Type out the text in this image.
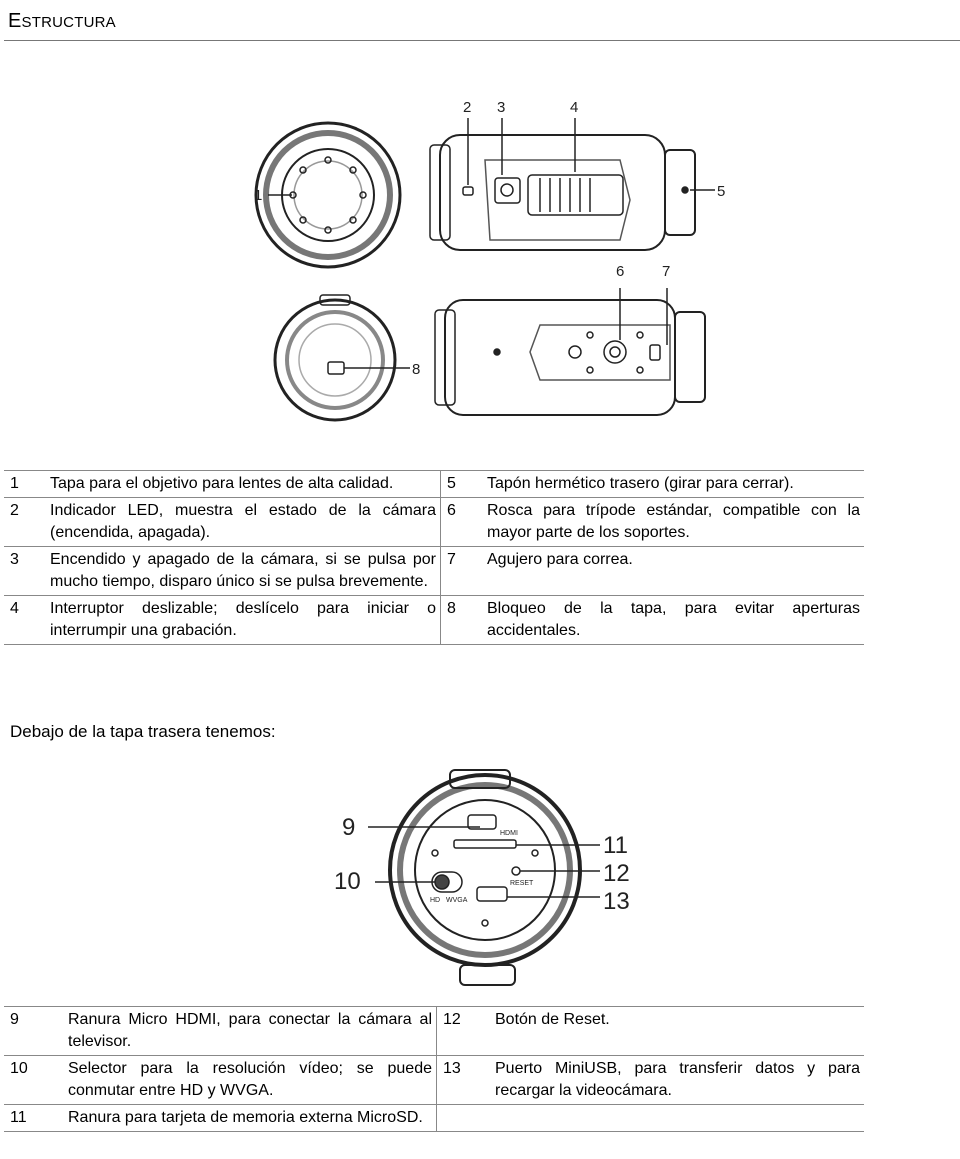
ESTRUCTURA
1
2 3	4
5
6	7
8
1	Tapa para el objetivo para lentes de alta calidad.	5	Tapón hermético trasero (girar para cerrar).
2	Indicador LED, muestra el estado de la cámara (encendida, apagada).	6	Rosca para trípode estándar, compatible con la mayor parte de los soportes.
3	Encendido y apagado de la cámara, si se pulsa por mucho tiempo, disparo único si se pulsa brevemente.	7	Agujero para correa.
4	Interruptor deslizable; deslícelo para iniciar o interrumpir una grabación.	8	Bloqueo de la tapa, para evitar aperturas accidentales.
Debajo de la tapa trasera tenemos:
HDMI
RESET
HD WVGA
9
10
11
12
13
9	Ranura Micro HDMI, para conectar la cámara al televisor.	12	Botón de Reset.
10	Selector para la resolución vídeo; se puede conmutar entre HD y WVGA.	13	Puerto MiniUSB, para transferir datos y para recargar la videocámara.
11	Ranura para tarjeta de memoria externa MicroSD.		
